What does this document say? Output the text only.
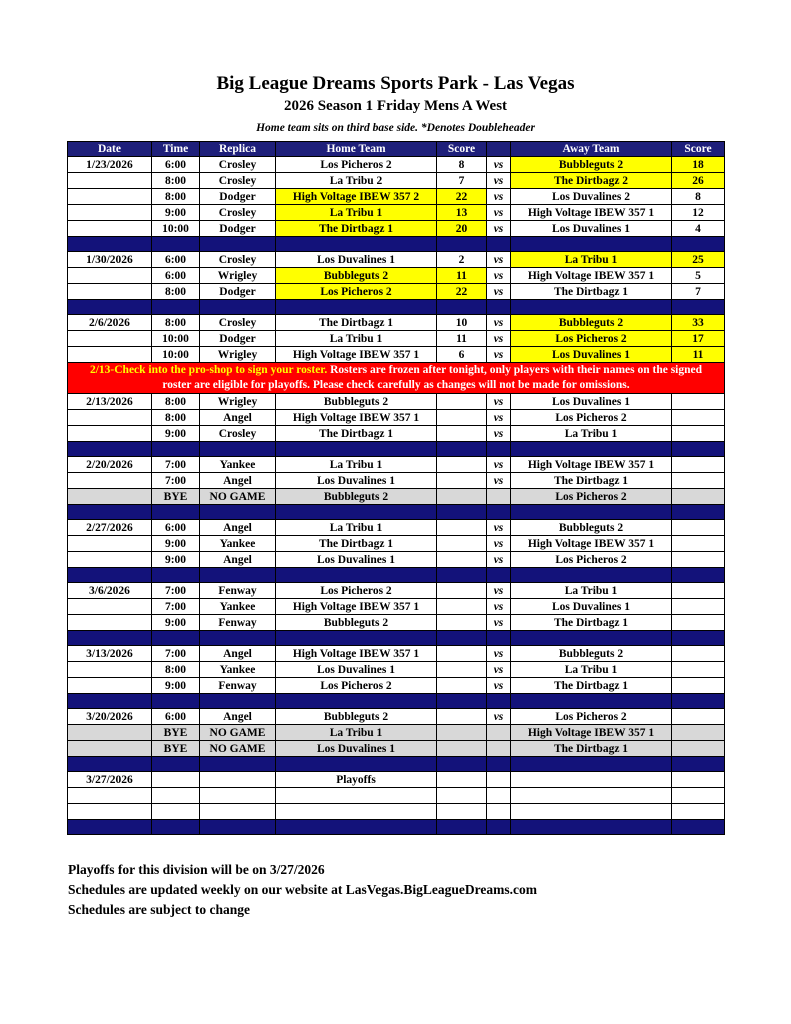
Big League Dreams Sports Park - Las Vegas
2026 Season 1 Friday Mens A West
Home team sits on third base side. *Denotes Doubleheader
Date	Time	Replica	Home Team	Score		Away Team	Score
1/23/2026	6:00	Crosley	Los Picheros 2	8	vs	Bubbleguts 2	18
	8:00	Crosley	La Tribu 2	7	vs	The Dirtbagz 2	26
	8:00	Dodger	High Voltage IBEW 357 2	22	vs	Los Duvalines 2	8
	9:00	Crosley	La Tribu 1	13	vs	High Voltage IBEW 357 1	12
	10:00	Dodger	The Dirtbagz 1	20	vs	Los Duvalines 1	4

1/30/2026	6:00	Crosley	Los Duvalines 1	2	vs	La Tribu 1	25
	6:00	Wrigley	Bubbleguts 2	11	vs	High Voltage IBEW 357 1	5
	8:00	Dodger	Los Picheros 2	22	vs	The Dirtbagz 1	7

2/6/2026	8:00	Crosley	The Dirtbagz 1	10	vs	Bubbleguts 2	33
	10:00	Dodger	La Tribu 1	11	vs	Los Picheros 2	17
	10:00	Wrigley	High Voltage IBEW 357 1	6	vs	Los Duvalines 1	11
2/13-Check into the pro-shop to sign your roster. Rosters are frozen after tonight, only players with their names on the signed roster are eligible for playoffs. Please check carefully as changes will not be made for omissions.							
2/13/2026	8:00	Wrigley	Bubbleguts 2		vs	Los Duvalines 1	
	8:00	Angel	High Voltage IBEW 357 1		vs	Los Picheros 2	
	9:00	Crosley	The Dirtbagz 1		vs	La Tribu 1	

2/20/2026	7:00	Yankee	La Tribu 1		vs	High Voltage IBEW 357 1	
	7:00	Angel	Los Duvalines 1		vs	The Dirtbagz 1	
	BYE	NO GAME	Bubbleguts 2			Los Picheros 2	

2/27/2026	6:00	Angel	La Tribu 1		vs	Bubbleguts 2	
	9:00	Yankee	The Dirtbagz 1		vs	High Voltage IBEW 357 1	
	9:00	Angel	Los Duvalines 1		vs	Los Picheros 2	

3/6/2026	7:00	Fenway	Los Picheros 2		vs	La Tribu 1	
	7:00	Yankee	High Voltage IBEW 357 1		vs	Los Duvalines 1	
	9:00	Fenway	Bubbleguts 2		vs	The Dirtbagz 1	

3/13/2026	7:00	Angel	High Voltage IBEW 357 1		vs	Bubbleguts 2	
	8:00	Yankee	Los Duvalines 1		vs	La Tribu 1	
	9:00	Fenway	Los Picheros 2		vs	The Dirtbagz 1	

3/20/2026	6:00	Angel	Bubbleguts 2		vs	Los Picheros 2	
	BYE	NO GAME	La Tribu 1			High Voltage IBEW 357 1	
	BYE	NO GAME	Los Duvalines 1			The Dirtbagz 1	

3/27/2026			Playoffs				

Playoffs for this division will be on 3/27/2026
Schedules are updated weekly on our website at LasVegas.BigLeagueDreams.com
Schedules are subject to change
